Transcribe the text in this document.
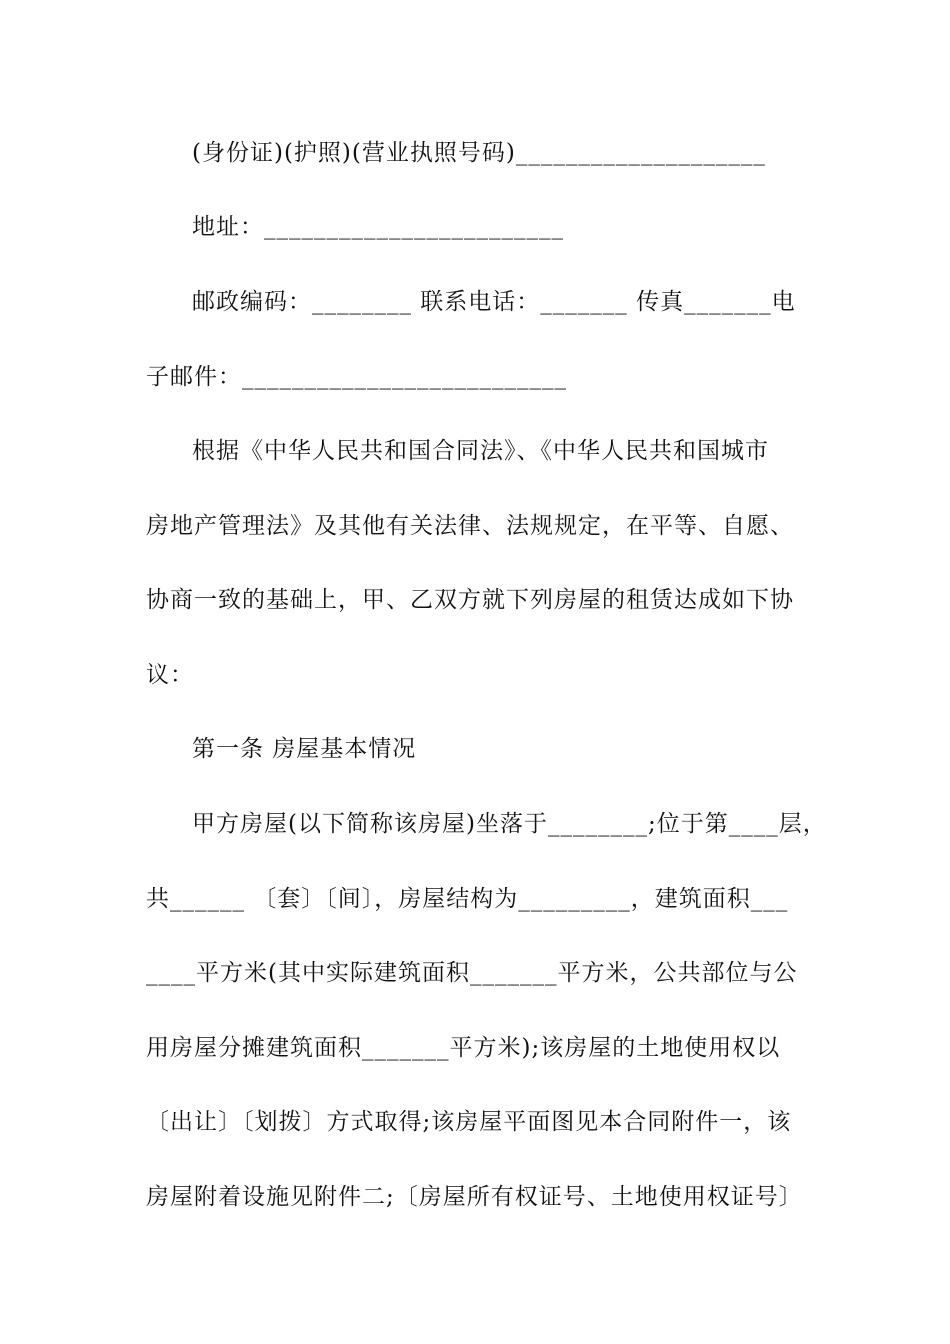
(身份证)(护照)(营业执照号码)____________________
地址：________________________
邮政编码：________ 联系电话：_______ 传真_______电
子邮件：__________________________
根据《中华人民共和国合同法》、《中华人民共和国城市
房地产管理法》及其他有关法律、法规规定，在平等、自愿、
协商一致的基础上，甲、乙双方就下列房屋的租赁达成如下协
议：
第一条 房屋基本情况
甲方房屋(以下简称该房屋)坐落于________;位于第____层，
共______ 〔套〕〔间〕，房屋结构为_________，建筑面积___
____平方米(其中实际建筑面积_______平方米，公共部位与公
用房屋分摊建筑面积_______平方米);该房屋的土地使用权以
〔出让〕〔划拨〕方式取得;该房屋平面图见本合同附件一，该
房屋附着设施见附件二;〔房屋所有权证号、土地使用权证号〕
